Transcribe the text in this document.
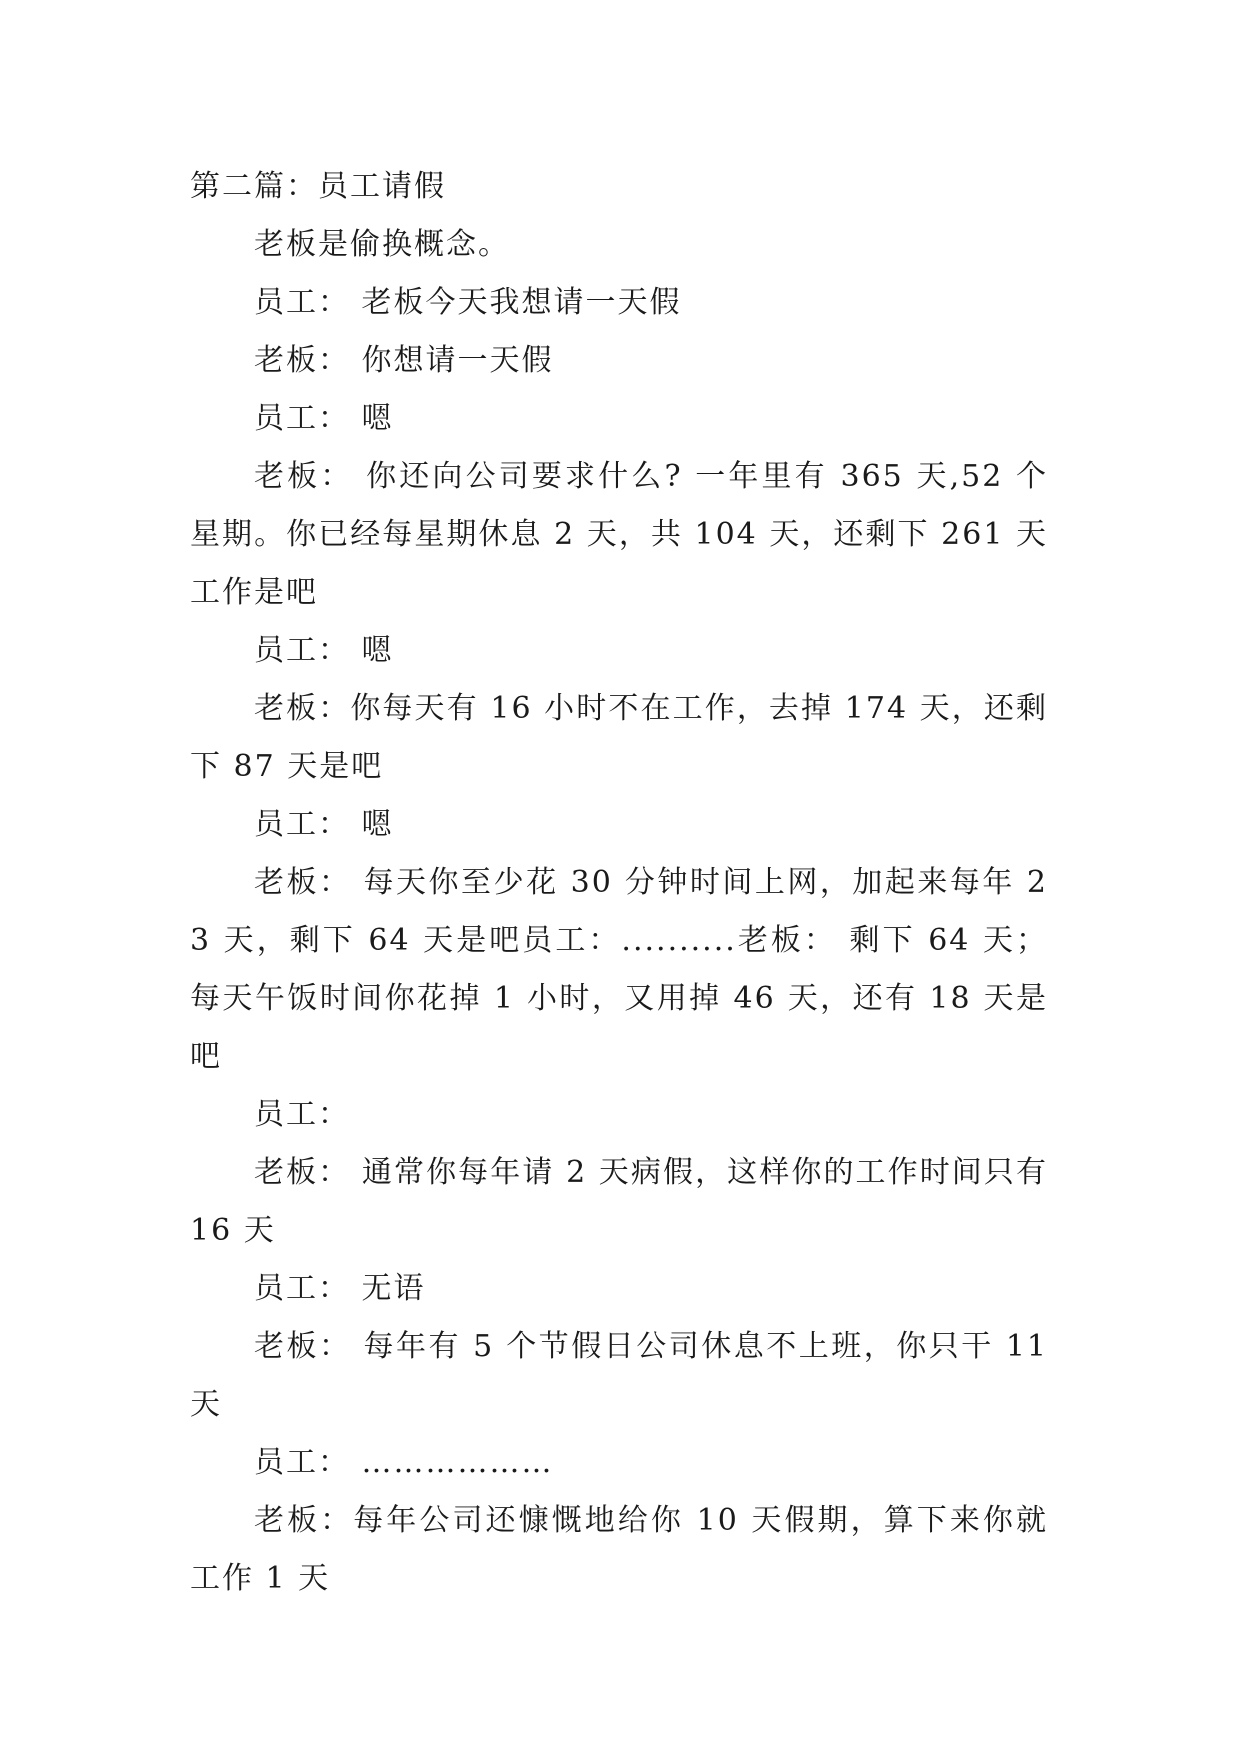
第二篇：员工请假

老板是偷换概念。

员工： 老板今天我想请一天假

老板： 你想请一天假

员工： 嗯

老板： 你还向公司要求什么? 一年里有 365 天,52 个星期。你已经每星期休息 2 天，共 104 天，还剩下 261 天工作是吧

员工： 嗯

老板：你每天有 16 小时不在工作，去掉 174 天，还剩下 87 天是吧

员工： 嗯

老板： 每天你至少花 30 分钟时间上网，加起来每年 23 天，剩下 64 天是吧员工：..........老板： 剩下 64 天；每天午饭时间你花掉 1 小时，又用掉 46 天，还有 18 天是吧

员工：

老板： 通常你每年请 2 天病假，这样你的工作时间只有 16 天

员工： 无语

老板： 每年有 5 个节假日公司休息不上班，你只干 11 天

员工： ………………

老板：每年公司还慷慨地给你 10 天假期，算下来你就工作 1 天
